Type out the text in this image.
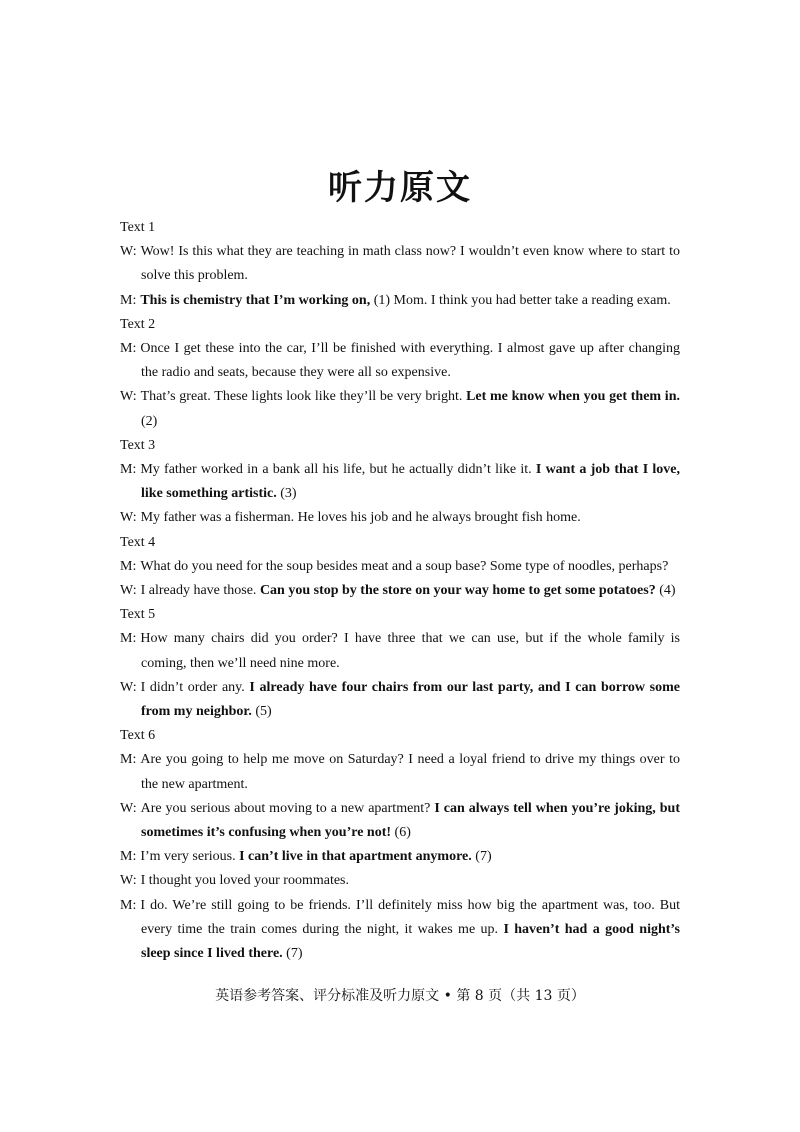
听力原文
Text 1
W: Wow! Is this what they are teaching in math class now? I wouldn’t even know where to start to solve this problem.
M: This is chemistry that I’m working on, (1) Mom. I think you had better take a reading exam.
Text 2
M: Once I get these into the car, I’ll be finished with everything. I almost gave up after changing the radio and seats, because they were all so expensive.
W: That’s great. These lights look like they’ll be very bright. Let me know when you get them in. (2)
Text 3
M: My father worked in a bank all his life, but he actually didn’t like it. I want a job that I love, like something artistic. (3)
W: My father was a fisherman. He loves his job and he always brought fish home.
Text 4
M: What do you need for the soup besides meat and a soup base? Some type of noodles, perhaps?
W: I already have those. Can you stop by the store on your way home to get some potatoes? (4)
Text 5
M: How many chairs did you order? I have three that we can use, but if the whole family is coming, then we’ll need nine more.
W: I didn’t order any. I already have four chairs from our last party, and I can borrow some from my neighbor. (5)
Text 6
M: Are you going to help me move on Saturday? I need a loyal friend to drive my things over to the new apartment.
W: Are you serious about moving to a new apartment? I can always tell when you’re joking, but sometimes it’s confusing when you’re not! (6)
M: I’m very serious. I can’t live in that apartment anymore. (7)
W: I thought you loved your roommates.
M: I do. We’re still going to be friends. I’ll definitely miss how big the apartment was, too. But every time the train comes during the night, it wakes me up. I haven’t had a good night’s sleep since I lived there. (7)
英语参考答案、评分标准及听力原文 • 第 8 页（共 13 页）
